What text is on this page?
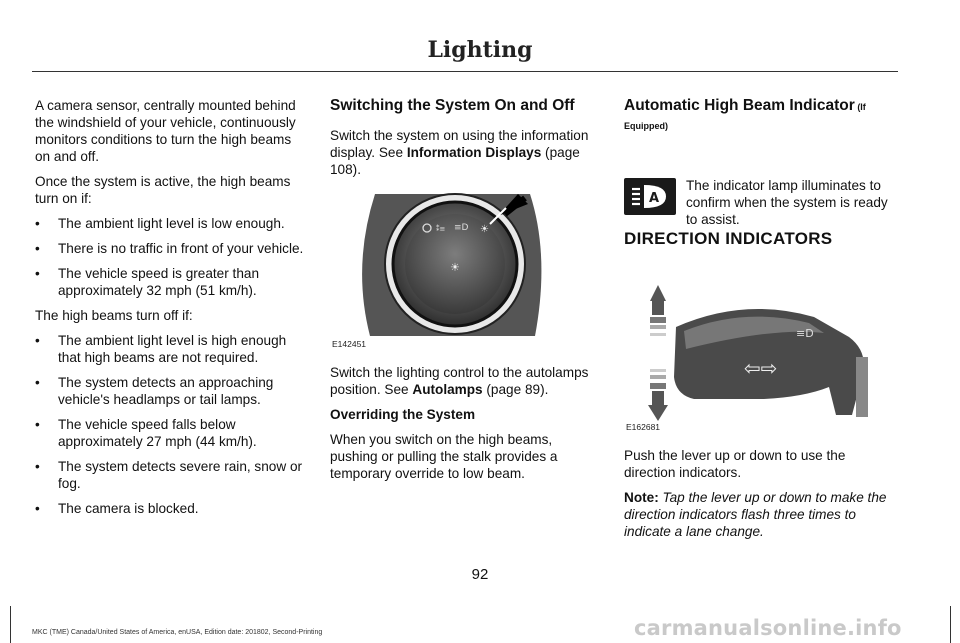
Lighting

A camera sensor, centrally mounted behind the windshield of your vehicle, continuously monitors conditions to turn the high beams on and off.

Once the system is active, the high beams turn on if:

• The ambient light level is low enough.
• There is no traffic in front of your vehicle.
• The vehicle speed is greater than approximately 32 mph (51 km/h).

The high beams turn off if:

• The ambient light level is high enough that high beams are not required.
• The system detects an approaching vehicle's headlamps or tail lamps.
• The vehicle speed falls below approximately 27 mph (44 km/h).
• The system detects severe rain, snow or fog.
• The camera is blocked.
Switching the System On and Off

Switch the system on using the information display. See Information Displays (page 108).

⁑≡ ≡D ☀
☀
E142451

Switch the lighting control to the autolamps position. See Autolamps (page 89).

Overriding the System

When you switch on the high beams, pushing or pulling the stalk provides a temporary override to low beam.

Automatic High Beam Indicator (If Equipped)
A
The indicator lamp illuminates to confirm when the system is ready to assist.
DIRECTION INDICATORS
⇦⇨
≡D
E162681

Push the lever up or down to use the direction indicators.

Note: Tap the lever up or down to make the direction indicators flash three times to indicate a lane change.

92
MKC (TME) Canada/United States of America, enUSA, Edition date: 201802, Second-Printing	carmanualsonline.info
